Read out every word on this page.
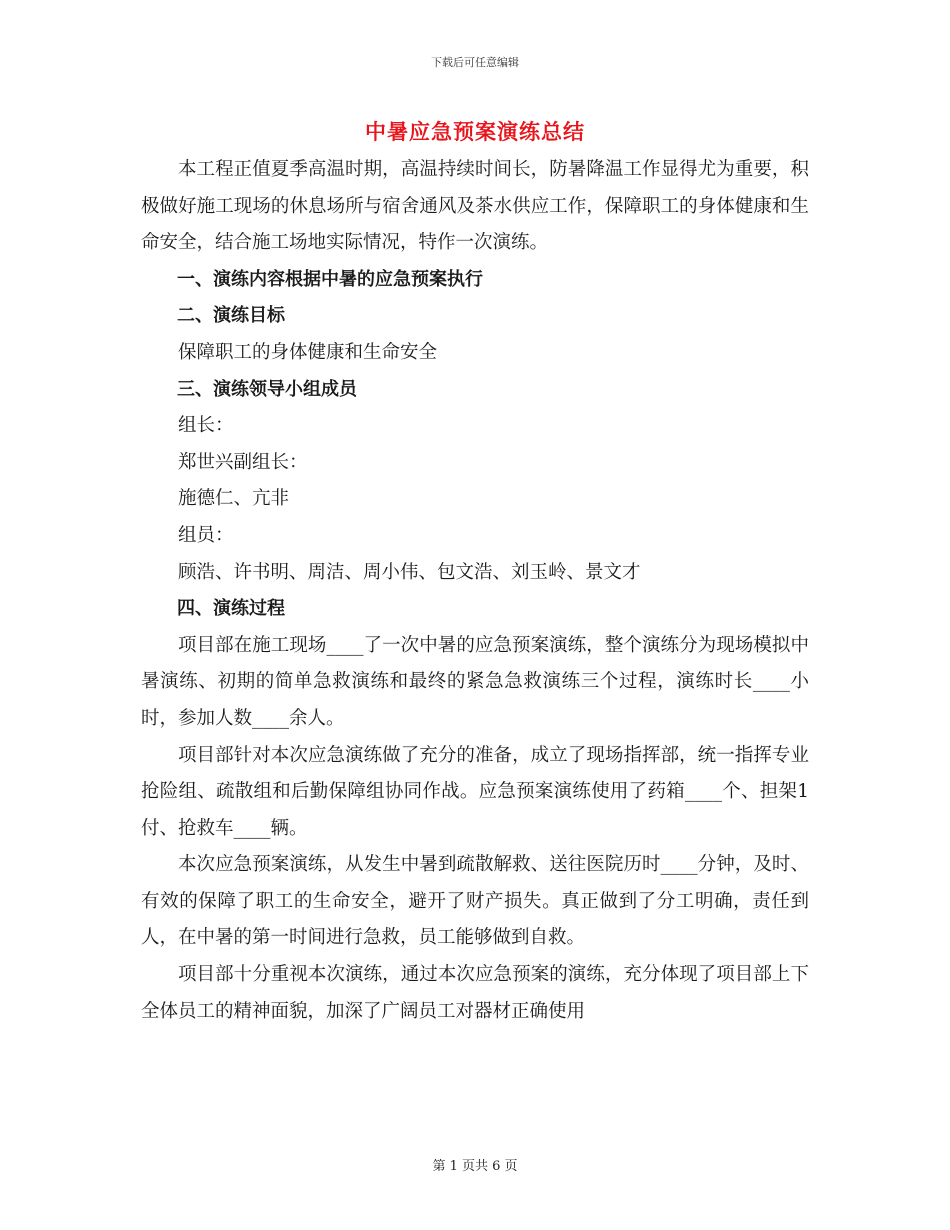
下载后可任意编辑
中暑应急预案演练总结

本工程正值夏季高温时期，高温持续时间长，防暑降温工作显得尤为重要，积极做好施工现场的休息场所与宿舍通风及茶水供应工作，保障职工的身体健康和生命安全，结合施工场地实际情况，特作一次演练。

一、演练内容根据中暑的应急预案执行

二、演练目标

保障职工的身体健康和生命安全

三、演练领导小组成员

组长：

郑世兴副组长：

施德仁、亢非

组员：

顾浩、许书明、周洁、周小伟、包文浩、刘玉岭、景文才

四、演练过程

项目部在施工现场____了一次中暑的应急预案演练，整个演练分为现场模拟中暑演练、初期的简单急救演练和最终的紧急急救演练三个过程，演练时长____小时，参加人数____余人。

项目部针对本次应急演练做了充分的准备，成立了现场指挥部，统一指挥专业抢险组、疏散组和后勤保障组协同作战。应急预案演练使用了药箱____个、担架1付、抢救车____辆。

本次应急预案演练，从发生中暑到疏散解救、送往医院历时____分钟，及时、有效的保障了职工的生命安全，避开了财产损失。真正做到了分工明确，责任到人，在中暑的第一时间进行急救，员工能够做到自救。

项目部十分重视本次演练，通过本次应急预案的演练，充分体现了项目部上下全体员工的精神面貌，加深了广阔员工对器材正确使用

第 1 页共 6 页
